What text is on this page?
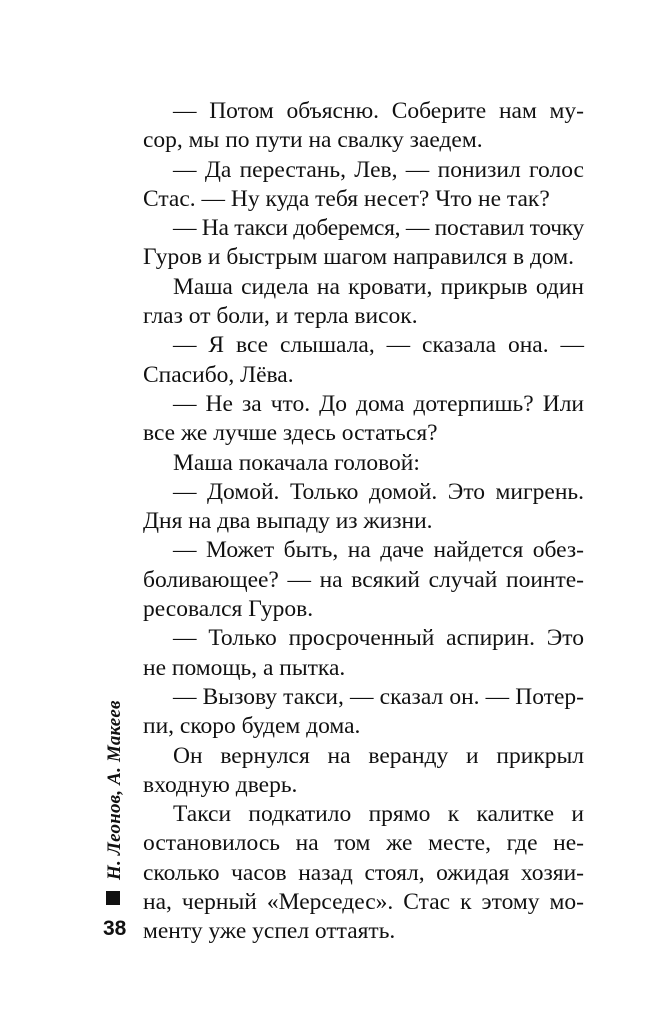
— Потом объясню. Соберите нам му-
сор, мы по пути на свалку заедем.
— Да перестань, Лев, — понизил голос
Стас. — Ну куда тебя несет? Что не так?
— На такси доберемся, — поставил точку
Гуров и быстрым шагом направился в дом.
Маша сидела на кровати, прикрыв один
глаз от боли, и терла висок.
— Я все слышала, — сказала она. —
Спасибо, Лёва.
— Не за что. До дома дотерпишь? Или
все же лучше здесь остаться?
Маша покачала головой:
— Домой. Только домой. Это мигрень.
Дня на два выпаду из жизни.
— Может быть, на даче найдется обез-
боливающее? — на всякий случай поинте-
ресовался Гуров.
— Только просроченный аспирин. Это
не помощь, а пытка.
— Вызову такси, — сказал он. — Потер-
пи, скоро будем дома.
Он вернулся на веранду и прикрыл
входную дверь.
Такси подкатило прямо к калитке и
остановилось на том же месте, где не-
сколько часов назад стоял, ожидая хозяи-
на, черный «Мерседес». Стас к этому мо-
менту уже успел оттаять.
Н. Леонов, А. Макеев
38
